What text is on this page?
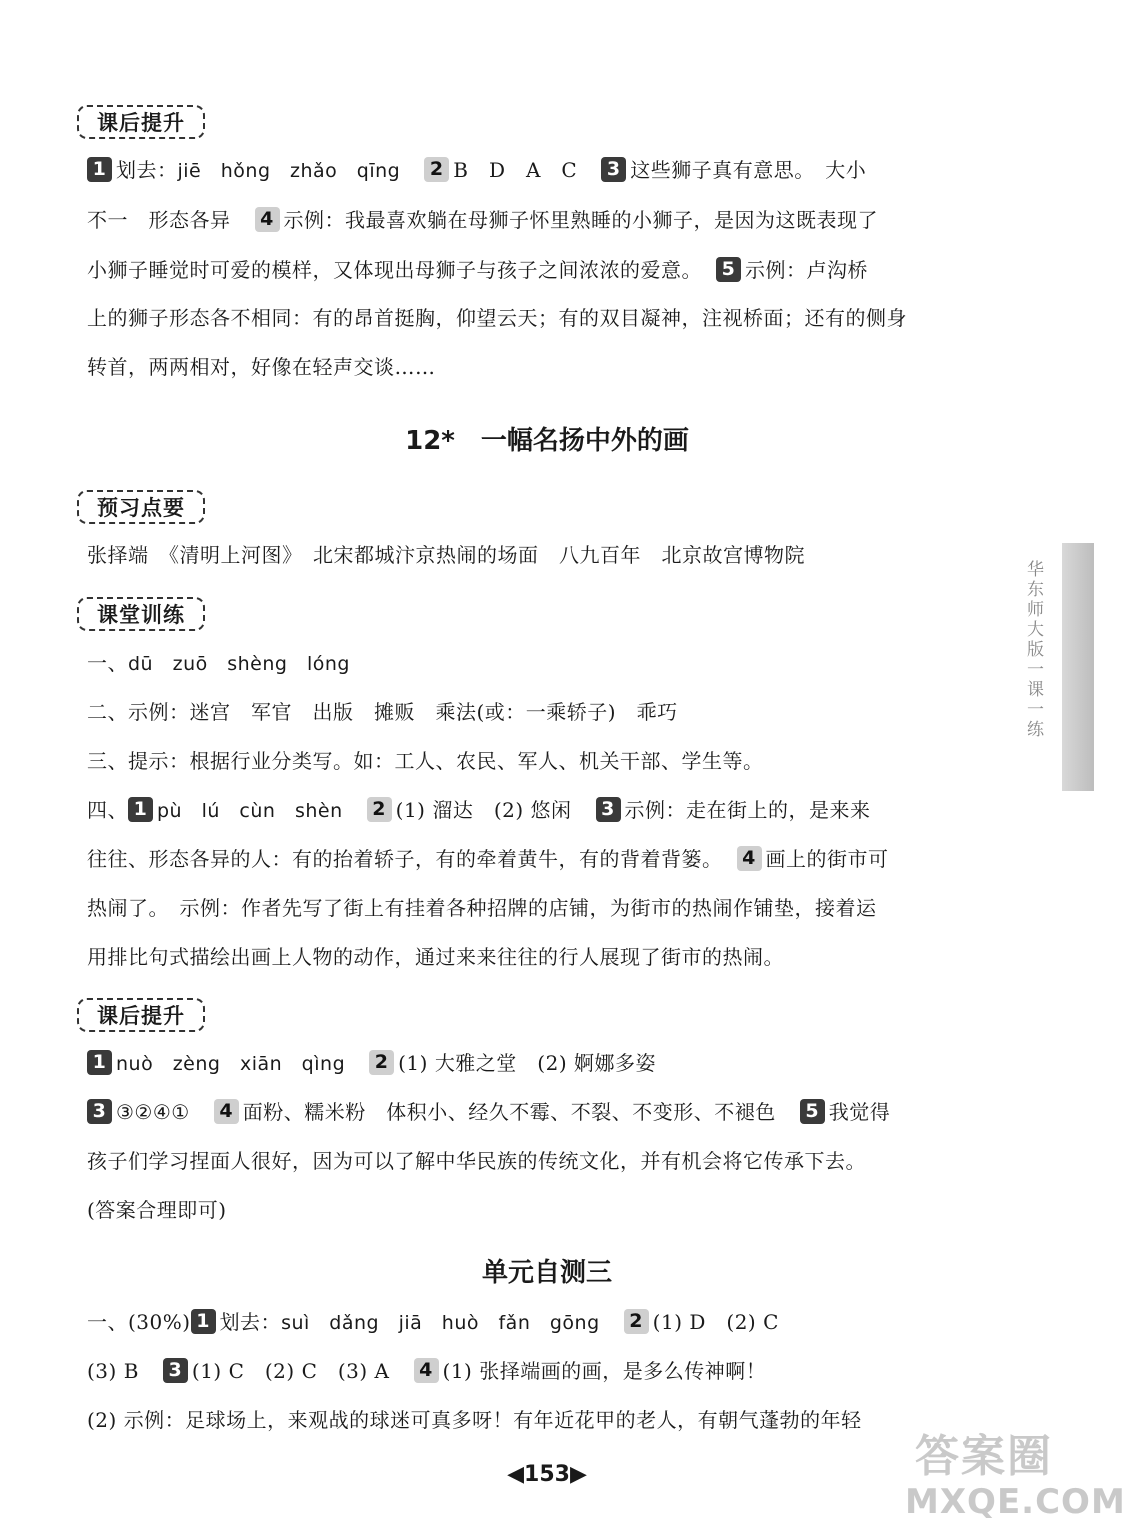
课后提升
1 划去：jiē　hǒng　zhǎo　qīng 2 B　D　A　C 3 这些狮子真有意思。　大小
不一　形态各异 4 示例：我最喜欢躺在母狮子怀里熟睡的小狮子，是因为这既表现了
小狮子睡觉时可爱的模样，又体现出母狮子与孩子之间浓浓的爱意。 5 示例：卢沟桥
上的狮子形态各不相同：有的昂首挺胸，仰望云天；有的双目凝神，注视桥面；还有的侧身
转首，两两相对，好像在轻声交谈……
12*　一幅名扬中外的画
预习点要
张择端　《清明上河图》　北宋都城汴京热闹的场面　八九百年　北京故宫博物院
课堂训练
一、dū　zuō　shèng　lóng
二、示例：迷宫　军官　出版　摊贩　乘法(或：一乘轿子)　乖巧
三、提示：根据行业分类写。如：工人、农民、军人、机关干部、学生等。
四、 1 pù　lú　cùn　shèn 2 (1) 溜达　(2) 悠闲 3 示例：走在街上的，是来来
往往、形态各异的人：有的抬着轿子，有的牵着黄牛，有的背着背篓。 4 画上的街市可
热闹了。　示例：作者先写了街上有挂着各种招牌的店铺，为街市的热闹作铺垫，接着运
用排比句式描绘出画上人物的动作，通过来来往往的行人展现了街市的热闹。
课后提升
1 nuò　zèng　xiān　qìng 2 (1) 大雅之堂　(2) 婀娜多姿
3 ③②④① 4 面粉、糯米粉　体积小、经久不霉、不裂、不变形、不褪色 5 我觉得
孩子们学习捏面人很好，因为可以了解中华民族的传统文化，并有机会将它传承下去。
(答案合理即可)
单元自测三
一、(30%) 1 划去：suì　dǎng　jiā　huò　fǎn　gōng 2 (1) D　(2) C
(3) B 3 (1) C　(2) C　(3) A 4 (1) 张择端画的画，是多么传神啊！
(2) 示例：足球场上，来观战的球迷可真多呀！有年近花甲的老人，有朝气蓬勃的年轻
华东师大版一课一练
◀153▶	答案圈
MXQE.COM
